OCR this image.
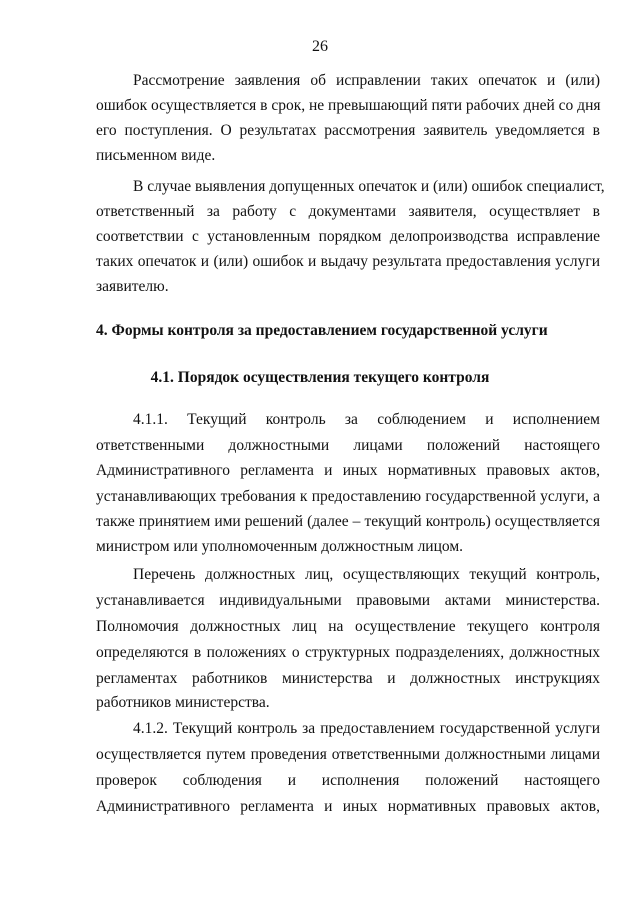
26
Рассмотрение заявления об исправлении таких опечаток и (или)
ошибок осуществляется в срок, не превышающий пяти рабочих дней со дня
его поступления. О результатах рассмотрения заявитель уведомляется в
письменном виде.
В случае выявления допущенных опечаток и (или) ошибок специалист,
ответственный за работу с документами заявителя, осуществляет в
соответствии с установленным порядком делопроизводства исправление
таких опечаток и (или) ошибок и выдачу результата предоставления услуги
заявителю.
4. Формы контроля за предоставлением государственной услуги
4.1. Порядок осуществления текущего контроля
4.1.1. Текущий контроль за соблюдением и исполнением
ответственными должностными лицами положений настоящего
Административного регламента и иных нормативных правовых актов,
устанавливающих требования к предоставлению государственной услуги, а
также принятием ими решений (далее – текущий контроль) осуществляется
министром или уполномоченным должностным лицом.
Перечень должностных лиц, осуществляющих текущий контроль,
устанавливается индивидуальными правовыми актами министерства.
Полномочия должностных лиц на осуществление текущего контроля
определяются в положениях о структурных подразделениях, должностных
регламентах работников министерства и должностных инструкциях
работников министерства.
4.1.2. Текущий контроль за предоставлением государственной услуги
осуществляется путем проведения ответственными должностными лицами
проверок соблюдения и исполнения положений настоящего
Административного регламента и иных нормативных правовых актов,
